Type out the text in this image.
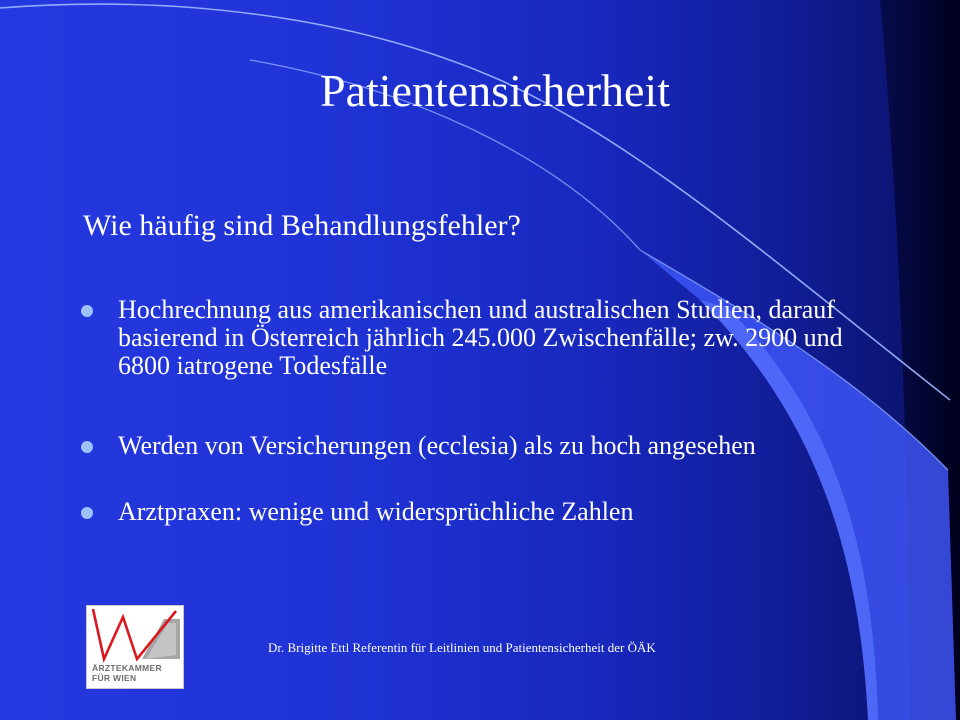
Patientensicherheit
Wie häufig sind Behandlungsfehler?
Hochrechnung aus amerikanischen und australischen Studien, darauf basierend in Österreich jährlich 245.000 Zwischenfälle; zw. 2900 und 6800 iatrogene Todesfälle
Werden von Versicherungen (ecclesia) als zu hoch angesehen
Arztpraxen: wenige und widersprüchliche Zahlen
ÄRZTEKAMMER
FÜR WIEN
Dr. Brigitte Ettl Referentin für Leitlinien und Patientensicherheit der ÖÄK
